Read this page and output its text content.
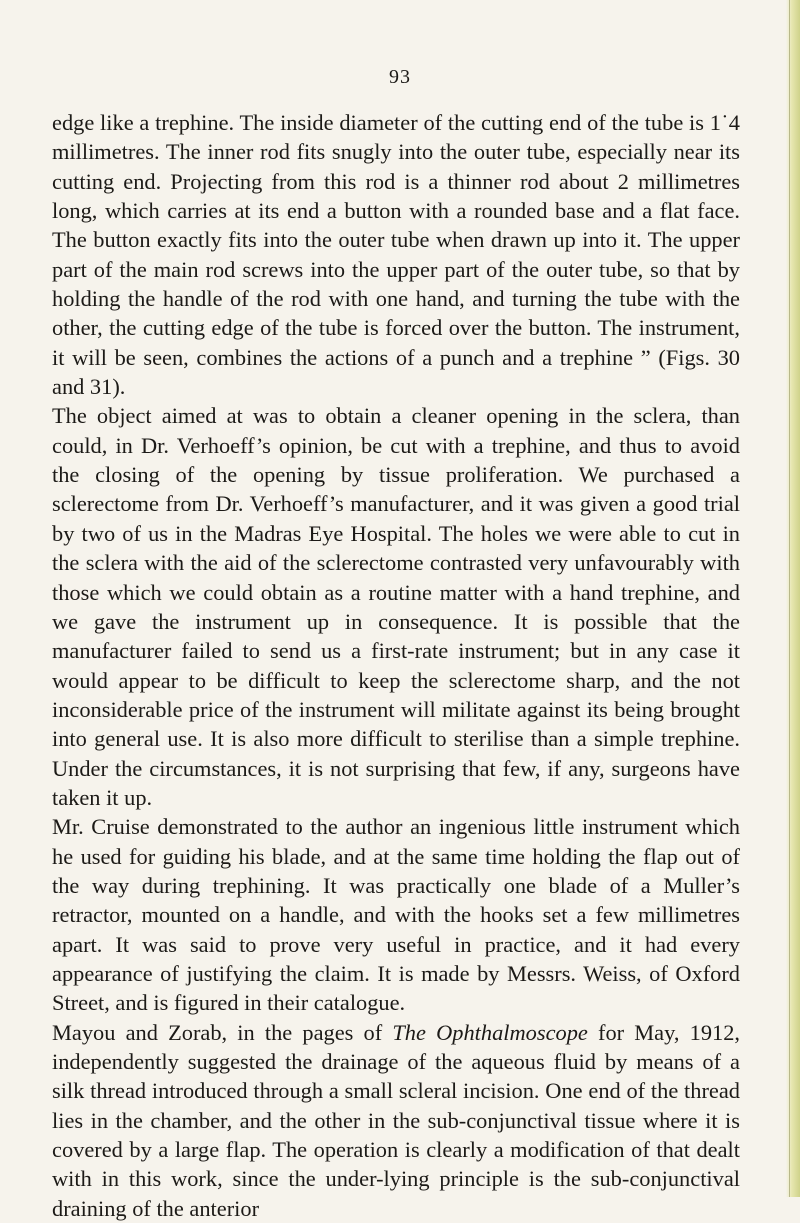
93

edge like a trephine. The inside diameter of the cutting end of the tube is 1˙4 millimetres. The inner rod fits snugly into the outer tube, especially near its cutting end. Projecting from this rod is a thinner rod about 2 millimetres long, which carries at its end a button with a rounded base and a flat face. The button exactly fits into the outer tube when drawn up into it. The upper part of the main rod screws into the upper part of the outer tube, so that by holding the handle of the rod with one hand, and turning the tube with the other, the cutting edge of the tube is forced over the button. The instrument, it will be seen, combines the actions of a punch and a trephine ” (Figs. 30 and 31).

The object aimed at was to obtain a cleaner opening in the sclera, than could, in Dr. Verhoeff’s opinion, be cut with a trephine, and thus to avoid the closing of the opening by tissue proliferation. We purchased a sclerectome from Dr. Verhoeff’s manufacturer, and it was given a good trial by two of us in the Madras Eye Hospital. The holes we were able to cut in the sclera with the aid of the sclerectome contrasted very unfavourably with those which we could obtain as a routine matter with a hand trephine, and we gave the instrument up in consequence. It is possible that the manufacturer failed to send us a first-rate instrument; but in any case it would appear to be difficult to keep the sclerectome sharp, and the not inconsiderable price of the instrument will militate against its being brought into general use. It is also more difficult to sterilise than a simple trephine. Under the circumstances, it is not surprising that few, if any, surgeons have taken it up.

Mr. Cruise demonstrated to the author an ingenious little instrument which he used for guiding his blade, and at the same time holding the flap out of the way during trephining. It was practically one blade of a Muller’s retractor, mounted on a handle, and with the hooks set a few millimetres apart. It was said to prove very useful in practice, and it had every appearance of justifying the claim. It is made by Messrs. Weiss, of Oxford Street, and is figured in their catalogue.

Mayou and Zorab, in the pages of The Ophthalmoscope for May, 1912, independently suggested the drainage of the aqueous fluid by means of a silk thread introduced through a small scleral incision. One end of the thread lies in the chamber, and the other in the sub-conjunctival tissue where it is covered by a large flap. The operation is clearly a modification of that dealt with in this work, since the under-lying principle is the sub-conjunctival draining of the anterior
